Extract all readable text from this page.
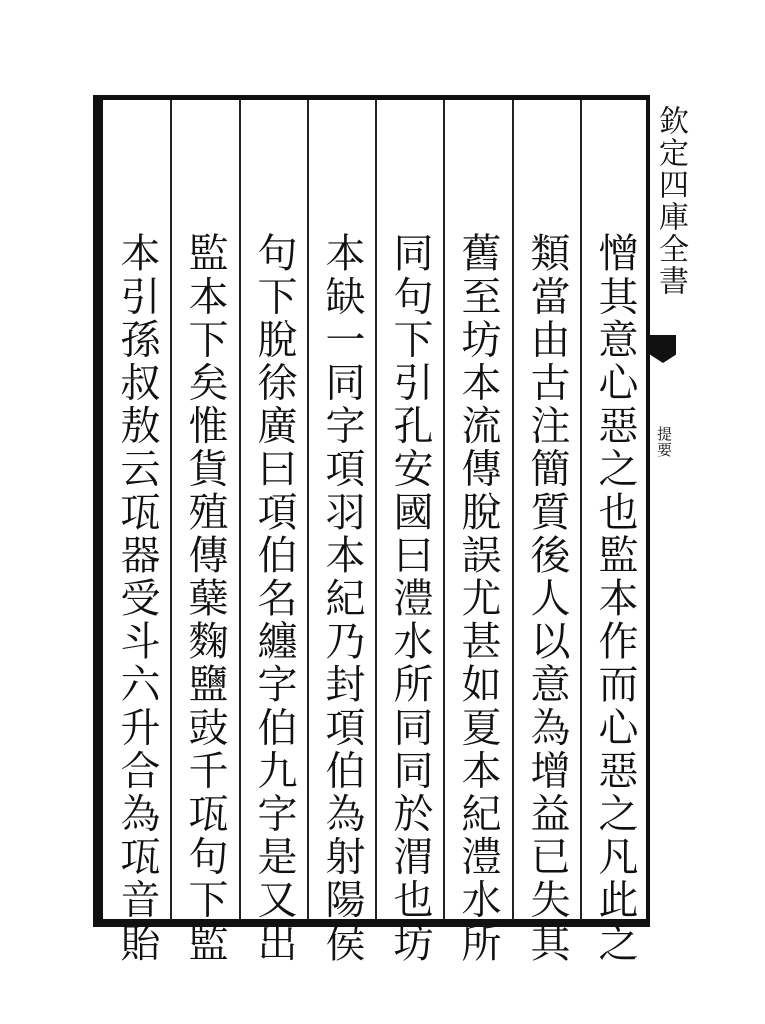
憎其意心惡之也監本作而心惡之凡此之
類當由古注簡質後人以意為增益已失其
舊至坊本流傳脫誤尤甚如夏本紀澧水所
同句下引孔安國曰澧水所同同於渭也坊
本缺一同字項羽本紀乃封項伯為射陽侯
句下脫徐廣曰項伯名纏字伯九字是又出
監本下矣惟貨殖傳蘖麴鹽豉千瓨句下監
本引孫叔敖云瓨器受斗六升合為瓨音貽
欽定四庫全書
提要
